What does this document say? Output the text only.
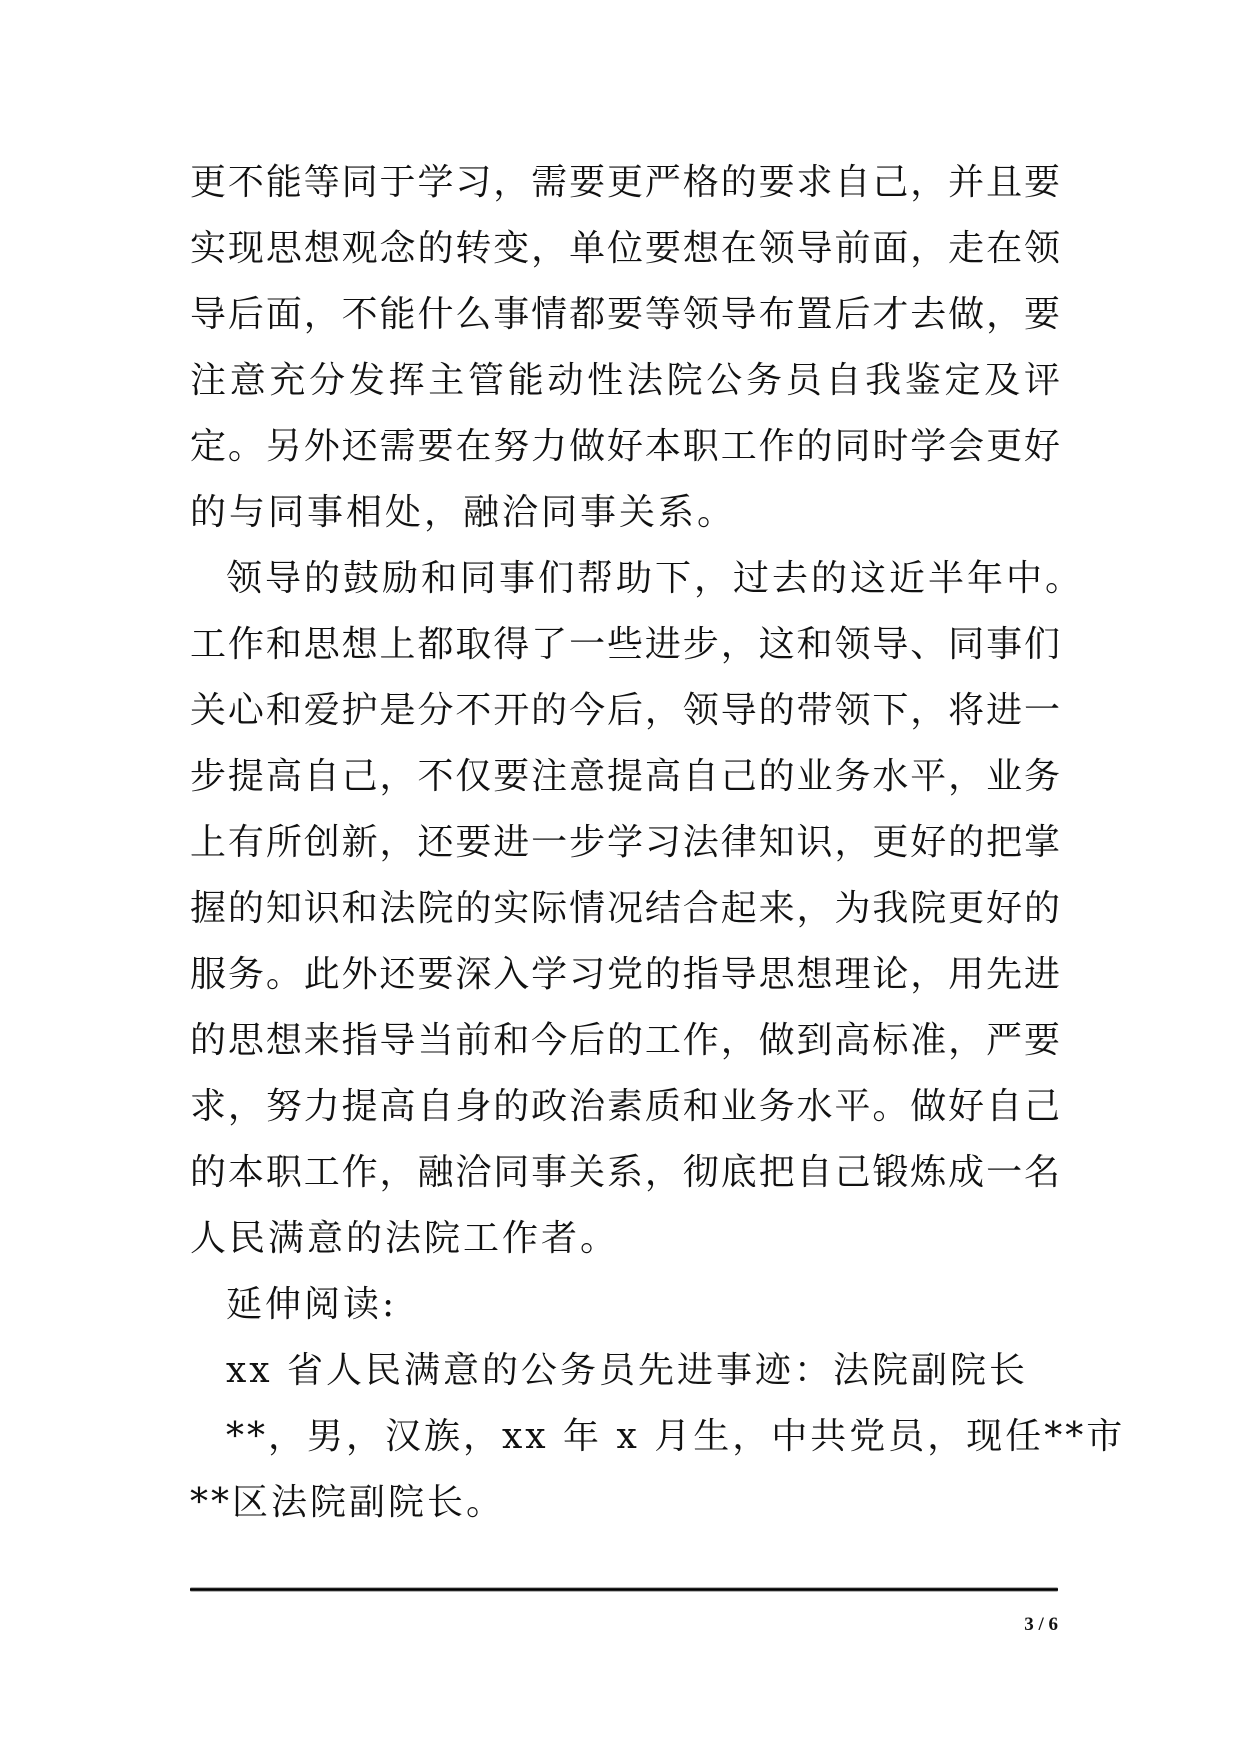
更不能等同于学习，需要更严格的要求自己，并且要
实现思想观念的转变，单位要想在领导前面，走在领
导后面，不能什么事情都要等领导布置后才去做，要
注意充分发挥主管能动性法院公务员自我鉴定及评
定。另外还需要在努力做好本职工作的同时学会更好
的与同事相处，融洽同事关系。
领导的鼓励和同事们帮助下，过去的这近半年中。
工作和思想上都取得了一些进步，这和领导、同事们
关心和爱护是分不开的今后，领导的带领下，将进一
步提高自己，不仅要注意提高自己的业务水平，业务
上有所创新，还要进一步学习法律知识，更好的把掌
握的知识和法院的实际情况结合起来，为我院更好的
服务。此外还要深入学习党的指导思想理论，用先进
的思想来指导当前和今后的工作，做到高标准，严要
求，努力提高自身的政治素质和业务水平。做好自己
的本职工作，融洽同事关系，彻底把自己锻炼成一名
人民满意的法院工作者。
延伸阅读:
xx 省人民满意的公务员先进事迹：法院副院长
**，男，汉族，xx 年 x 月生，中共党员，现任**市
**区法院副院长。
3 / 6
